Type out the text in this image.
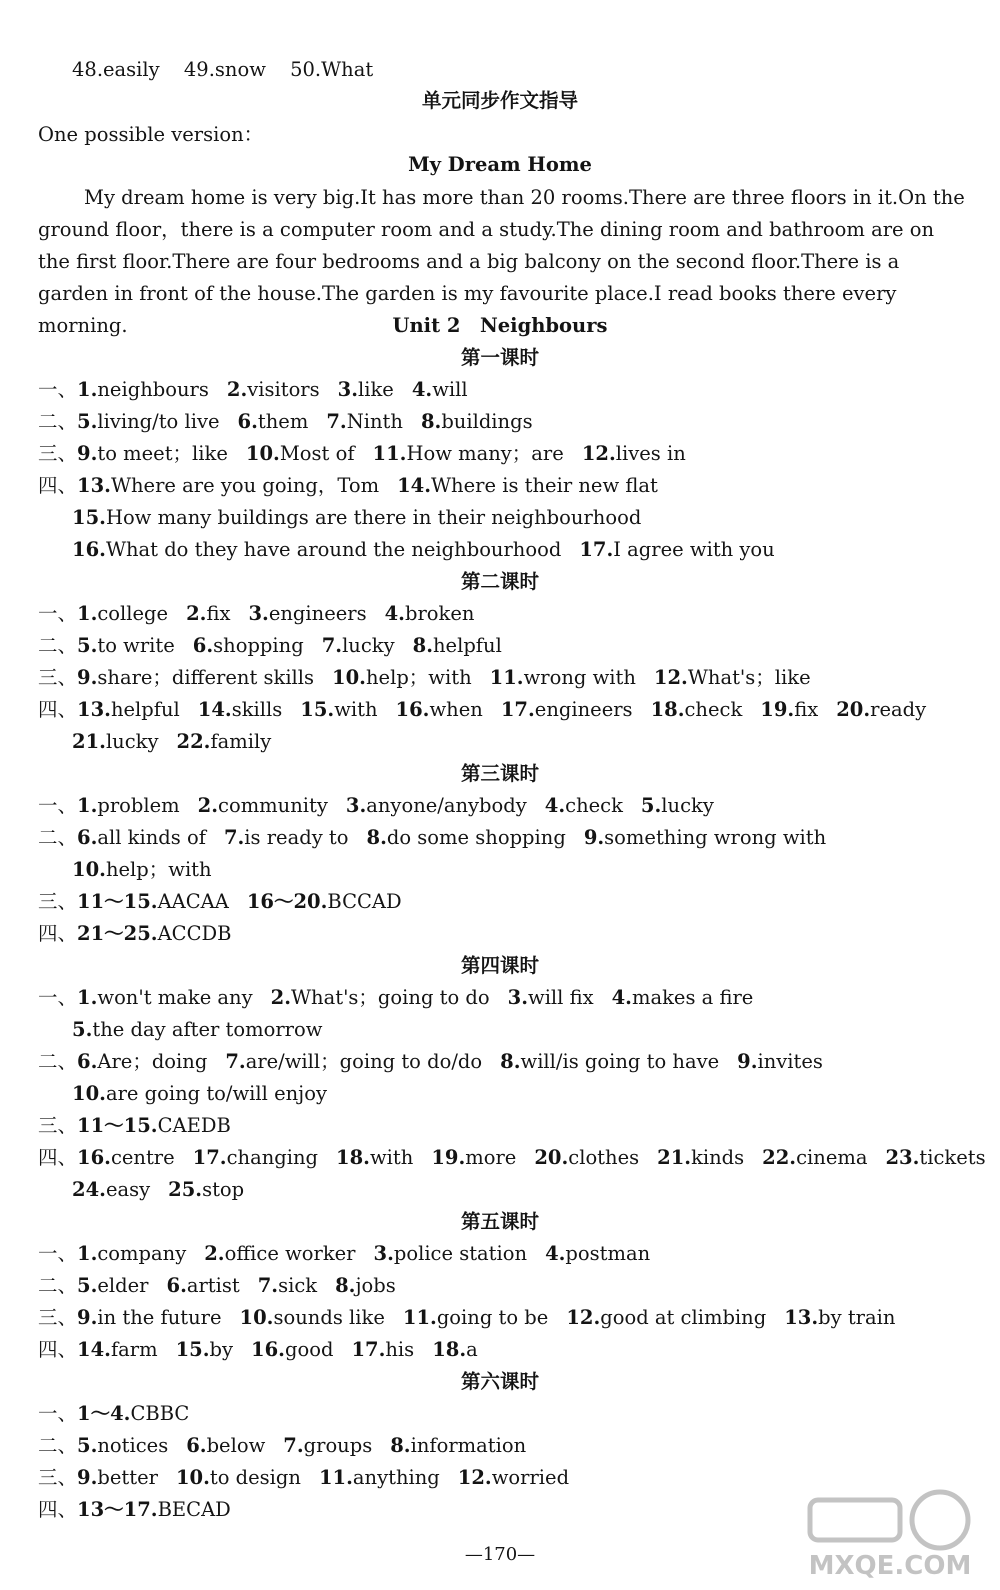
48.easily 49.snow 50.What
单元同步作文指导
One possible version：
My Dream Home
My dream home is very big.It has more than 20 rooms.There are three floors in it.On the ground floor，there is a computer room and a study.The dining room and bathroom are on the first floor.There are four bedrooms and a big balcony on the second floor.There is a garden in front of the house.The garden is my favourite place.I read books there every morning.	Unit 2　Neighbours
第一课时
一、1.neighbours 2.visitors 3.like 4.will
二、5.living/to live 6.them 7.Ninth 8.buildings
三、9.to meet；like 10.Most of 11.How many；are 12.lives in
四、13.Where are you going，Tom 14.Where is their new flat
15.How many buildings are there in their neighbourhood
16.What do they have around the neighbourhood 17.I agree with you
第二课时
一、1.college 2.fix 3.engineers 4.broken
二、5.to write 6.shopping 7.lucky 8.helpful
三、9.share；different skills 10.help；with 11.wrong with 12.What's；like
四、13.helpful 14.skills 15.with 16.when 17.engineers 18.check 19.fix 20.ready
21.lucky 22.family
第三课时
一、1.problem 2.community 3.anyone/anybody 4.check 5.lucky
二、6.all kinds of 7.is ready to 8.do some shopping 9.something wrong with
10.help；with
三、11～15.AACAA 16～20.BCCAD
四、21～25.ACCDB
第四课时
一、1.won't make any 2.What's；going to do 3.will fix 4.makes a fire
5.the day after tomorrow
二、6.Are；doing 7.are/will；going to do/do 8.will/is going to have 9.invites
10.are going to/will enjoy
三、11～15.CAEDB
四、16.centre 17.changing 18.with 19.more 20.clothes 21.kinds 22.cinema 23.tickets
24.easy 25.stop
第五课时
一、1.company 2.office worker 3.police station 4.postman
二、5.elder 6.artist 7.sick 8.jobs
三、9.in the future 10.sounds like 11.going to be 12.good at climbing 13.by train
四、14.farm 15.by 16.good 17.his 18.a
第六课时
一、1～4.CBBC
二、5.notices 6.below 7.groups 8.information
三、9.better 10.to design 11.anything 12.worried
四、13～17.BECAD
—170—	MXQE.COM
